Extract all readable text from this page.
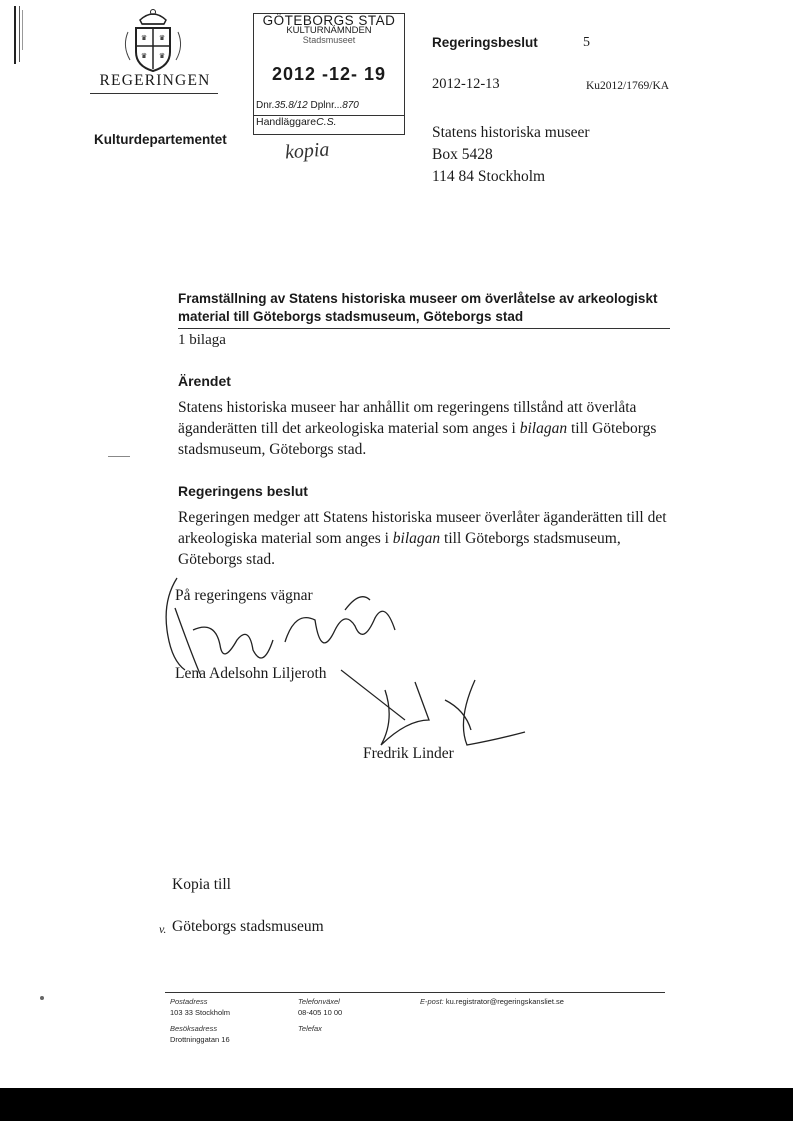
♛ ♛
♛ ♛
REGERINGEN
Kulturdepartementet
GÖTEBORGS STAD
KULTURNÄMNDEN
Stadsmuseet
2012 -12- 19
Dnr.35.8/12 Dplnr...870
HandläggareC.S.
kopia
Regeringsbeslut	5
2012-12-13	Ku2012/1769/KA
Statens historiska museer
Box 5428
114 84 Stockholm
Framställning av Statens historiska museer om överlåtelse av arkeologiskt material till Göteborgs stadsmuseum, Göteborgs stad
1 bilaga
Ärendet
Statens historiska museer har anhållit om regeringens tillstånd att överlåta äganderätten till det arkeologiska material som anges i bilagan till Göteborgs stadsmuseum, Göteborgs stad.
Regeringens beslut
Regeringen medger att Statens historiska museer överlåter äganderätten till det arkeologiska material som anges i bilagan till Göteborgs stadsmuseum, Göteborgs stad.
På regeringens vägnar
Lena Adelsohn Liljeroth
Fredrik Linder
Kopia till
v. Göteborgs stadsmuseum
Postadress
103 33 Stockholm
Besöksadress
Drottninggatan 16
Telefonväxel
08-405 10 00
Telefax
E-post: ku.registrator@regeringskansliet.se
